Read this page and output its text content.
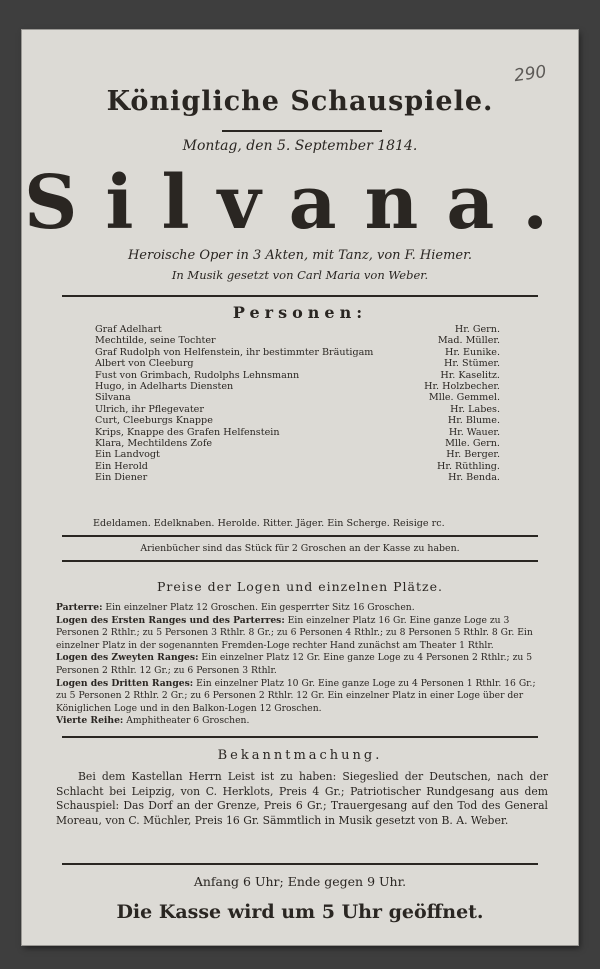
290
Königliche Schauspiele.
Montag, den 5. September 1814.
Silvana.
Heroische Oper in 3 Akten, mit Tanz, von F. Hiemer.
In Musik gesetzt von Carl Maria von Weber.
Personen:
Graf Adelhart	Hr. Gern.
Mechtilde, seine Tochter	Mad. Müller.
Graf Rudolph von Helfenstein, ihr bestimmter Bräutigam	Hr. Eunike.
Albert von Cleeburg	Hr. Stümer.
Fust von Grimbach, Rudolphs Lehnsmann	Hr. Kaselitz.
Hugo, in Adelharts Diensten	Hr. Holzbecher.
Silvana	Mlle. Gemmel.
Ulrich, ihr Pflegevater	Hr. Labes.
Curt, Cleeburgs Knappe	Hr. Blume.
Krips, Knappe des Grafen Helfenstein	Hr. Wauer.
Klara, Mechtildens Zofe	Mlle. Gern.
Ein Landvogt	Hr. Berger.
Ein Herold	Hr. Rüthling.
Ein Diener	Hr. Benda.
Edeldamen. Edelknaben. Herolde. Ritter. Jäger. Ein Scherge. Reisige rc.
Arienbücher sind das Stück für 2 Groschen an der Kasse zu haben.
Preise der Logen und einzelnen Plätze.

Parterre: Ein einzelner Platz 12 Groschen. Ein gesperrter Sitz 16 Groschen.

Logen des Ersten Ranges und des Parterres: Ein einzelner Platz 16 Gr. Eine ganze Loge zu 3 Personen 2 Rthlr.; zu 5 Personen 3 Rthlr. 8 Gr.; zu 6 Personen 4 Rthlr.; zu 8 Personen 5 Rthlr. 8 Gr. Ein einzelner Platz in der sogenannten Fremden-Loge rechter Hand zunächst am Theater 1 Rthlr.

Logen des Zweyten Ranges: Ein einzelner Platz 12 Gr. Eine ganze Loge zu 4 Personen 2 Rthlr.; zu 5 Personen 2 Rthlr. 12 Gr.; zu 6 Personen 3 Rthlr.

Logen des Dritten Ranges: Ein einzelner Platz 10 Gr. Eine ganze Loge zu 4 Personen 1 Rthlr. 16 Gr.; zu 5 Personen 2 Rthlr. 2 Gr.; zu 6 Personen 2 Rthlr. 12 Gr. Ein einzelner Platz in einer Loge über der Königlichen Loge und in den Balkon-Logen 12 Groschen.

Vierte Reihe: Amphitheater 6 Groschen.

Bekanntmachung.
Bei dem Kastellan Herrn Leist ist zu haben: Siegeslied der Deutschen, nach der Schlacht bei Leipzig, von C. Herklots, Preis 4 Gr.; Patriotischer Rundgesang aus dem Schauspiel: Das Dorf an der Grenze, Preis 6 Gr.; Trauergesang auf den Tod des General Moreau, von C. Müchler, Preis 16 Gr. Sämmtlich in Musik gesetzt von B. A. Weber.
Anfang 6 Uhr; Ende gegen 9 Uhr.
Die Kasse wird um 5 Uhr geöffnet.
